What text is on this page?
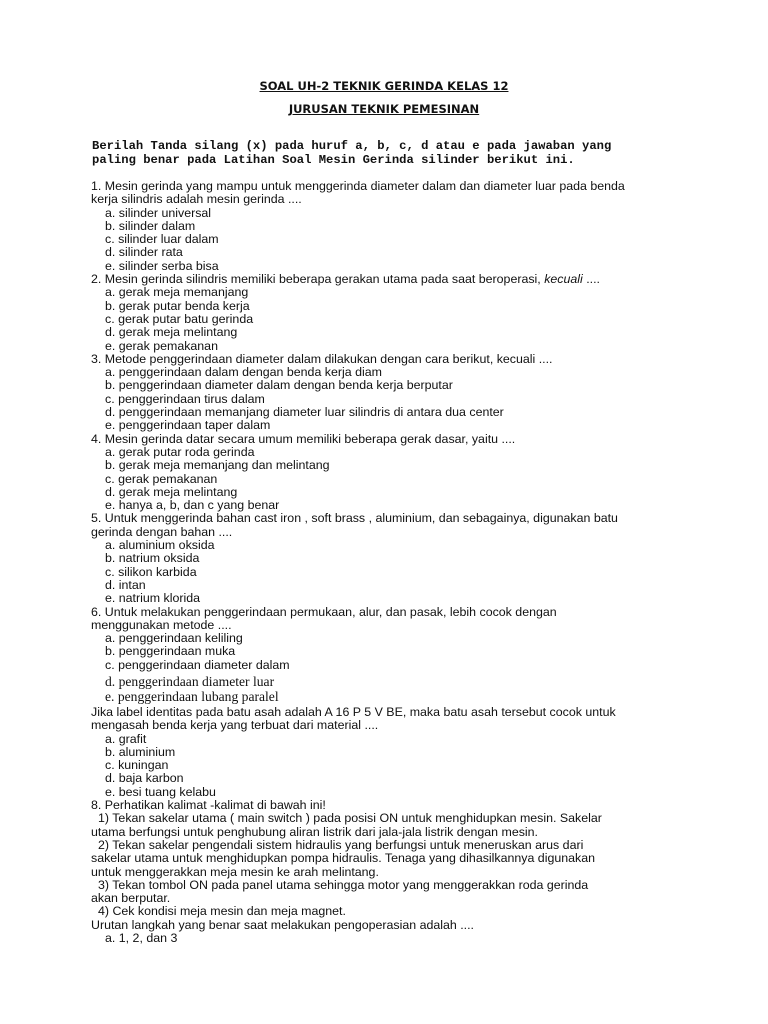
SOAL UH-2 TEKNIK GERINDA KELAS 12
JURUSAN TEKNIK PEMESINAN
Berilah Tanda silang (x) pada huruf a, b, c, d atau e pada jawaban yang
paling benar pada Latihan Soal Mesin Gerinda silinder berikut ini.
1. Mesin gerinda yang mampu untuk menggerinda diameter dalam dan diameter luar pada benda
kerja silindris adalah mesin gerinda ....
a. silinder universal
b. silinder dalam
c. silinder luar dalam
d. silinder rata
e. silinder serba bisa
2. Mesin gerinda silindris memiliki beberapa gerakan utama pada saat beroperasi, kecuali ....
a. gerak meja memanjang
b. gerak putar benda kerja
c. gerak putar batu gerinda
d. gerak meja melintang
e. gerak pemakanan
3. Metode penggerindaan diameter dalam dilakukan dengan cara berikut, kecuali ....
a. penggerindaan dalam dengan benda kerja diam
b. penggerindaan diameter dalam dengan benda kerja berputar
c. penggerindaan tirus dalam
d. penggerindaan memanjang diameter luar silindris di antara dua center
e. penggerindaan taper dalam
4. Mesin gerinda datar secara umum memiliki beberapa gerak dasar, yaitu ....
a. gerak putar roda gerinda
b. gerak meja memanjang dan melintang
c. gerak pemakanan
d. gerak meja melintang
e. hanya a, b, dan c yang benar
5. Untuk menggerinda bahan cast iron , soft brass , aluminium, dan sebagainya, digunakan batu
gerinda dengan bahan ....
a. aluminium oksida
b. natrium oksida
c. silikon karbida
d. intan
e. natrium klorida
6. Untuk melakukan penggerindaan permukaan, alur, dan pasak, lebih cocok dengan
menggunakan metode ....
a. penggerindaan keliling
b. penggerindaan muka
c. penggerindaan diameter dalam
d. penggerindaan diameter luar
e. penggerindaan lubang paralel
Jika label identitas pada batu asah adalah A 16 P 5 V BE, maka batu asah tersebut cocok untuk
mengasah benda kerja yang terbuat dari material ....
a. grafit
b. aluminium
c. kuningan
d. baja karbon
e. besi tuang kelabu
8. Perhatikan kalimat -kalimat di bawah ini!
1) Tekan sakelar utama ( main switch ) pada posisi ON untuk menghidupkan mesin. Sakelar
utama berfungsi untuk penghubung aliran listrik dari jala-jala listrik dengan mesin.
2) Tekan sakelar pengendali sistem hidraulis yang berfungsi untuk meneruskan arus dari
sakelar utama untuk menghidupkan pompa hidraulis. Tenaga yang dihasilkannya digunakan
untuk menggerakkan meja mesin ke arah melintang.
3) Tekan tombol ON pada panel utama sehingga motor yang menggerakkan roda gerinda
akan berputar.
4) Cek kondisi meja mesin dan meja magnet.
Urutan langkah yang benar saat melakukan pengoperasian adalah ....
a. 1, 2, dan 3
